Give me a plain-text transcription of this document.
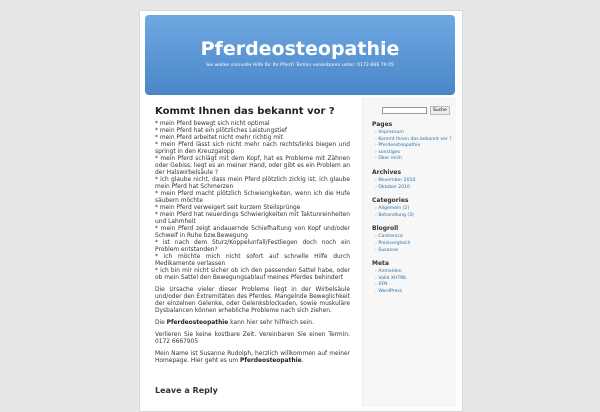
Pferdeosteopathie
Sie wollen sinnvolle Hilfe für Ihr Pferd? Termin vereinbaren unter: 0172-666 79 05
Kommt Ihnen das bekannt vor ?

* mein Pferd bewegt sich nicht optimal
* mein Pferd hat ein plötzliches Leistungstief
* mein Pferd arbeitet nicht mehr richtig mit
* mein Pferd lässt sich nicht mehr nach rechts/links biegen und springt in den Kreuzgalopp
* mein Pferd schlägt mit dem Kopf, hat es Probleme mit Zähnen oder Gebiss, liegt es an meiner Hand, oder gibt es ein Problem an der Halswirbelsäule ?
* ich glaube nicht, dass mein Pferd plötzlich zickig ist, ich glaube mein Pferd hat Schmerzen
* mein Pferd macht plötzlich Schwierigkeiten, wenn ich die Hufe säubern möchte
* mein Pferd verweigert seit kurzem Steilsprünge
* mein Pferd hat neuerdings Schwierigkeiten mit Taktunreinheiten und Lahmheit
* mein Pferd zeigt andauernde Schiefhaltung von Kopf und/oder Schweif in Ruhe bzw.Bewegung
* ist nach dem Sturz/Koppelunfall/Festliegen doch noch ein Problem entstanden?
* ich möchte mich nicht sofort auf schnelle Hilfe durch Medikamente verlassen
* ich bin mir nicht sicher ob ich den passenden Sattel habe, oder ob mein Sattel den Bewegungsablauf meines Pferdes behindert

Die Ursache vieler dieser Probleme liegt in der Wirbelsäule und/oder den Extremitäten des Pferdes. Mangelnde Beweglichkeit der einzelnen Gelenke, oder Gelenksblockaden, sowie muskuläre Dysbalancen können erhebliche Probleme nach sich ziehen.

Die Pferdeosteopathie kann hier sehr hilfreich sein.

Verlieren Sie keine kostbare Zeit. Vereinbaren Sie einen Termin: 0172 6667905

Mein Name ist Susanne Rudolph, herzlich willkommen auf meiner Homepage. Hier geht es um Pferdeosteopathie.

Leave a Reply
Suche
Pages
› Impressum
› Kommt Ihnen das bekannt vor ?
› Pferdeosteopathie
› sonstiges
› Über mich
Archives
› November 2010
› Oktober 2010
Categories
› Allgemein (2)
› Behandlung (3)
Blogroll
› Cantienica
› Preisvergleich
› Susanne
Meta
› Anmelden
› Valid XHTML
› XFN
› WordPress
